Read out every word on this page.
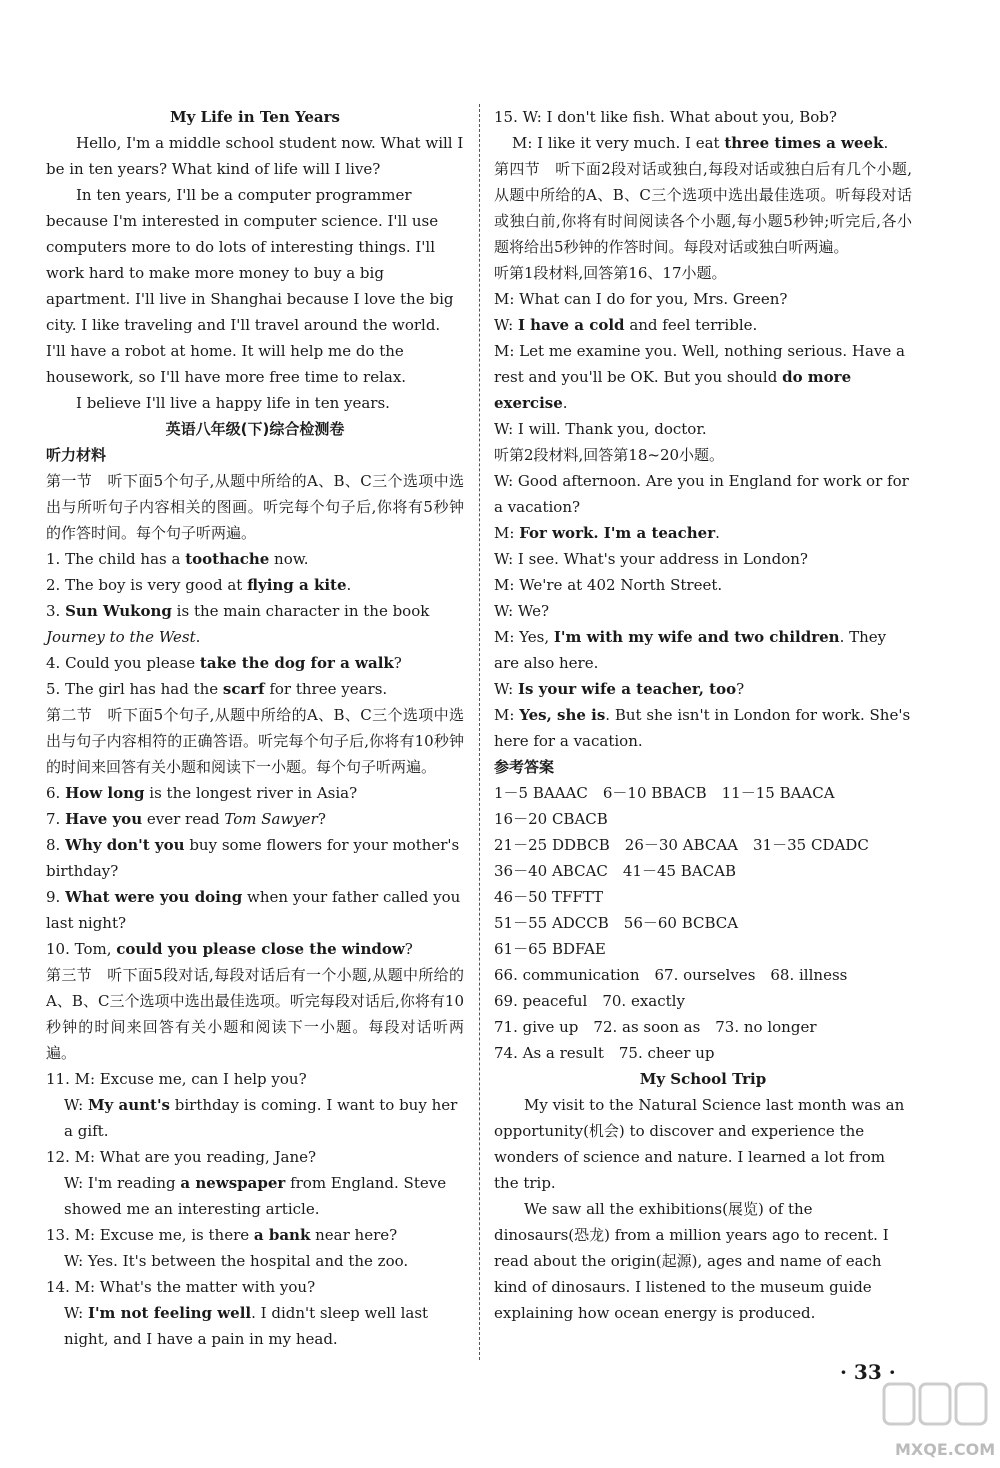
My Life in Ten Years

Hello, I'm a middle school student now. What will I be in ten years? What kind of life will I live?

In ten years, I'll be a computer programmer because I'm interested in computer science. I'll use computers more to do lots of interesting things. I'll work hard to make more money to buy a big apartment. I'll live in Shanghai because I love the big city. I like traveling and I'll travel around the world. I'll have a robot at home. It will help me do the housework, so I'll have more free time to relax.

I believe I'll live a happy life in ten years.

英语八年级(下)综合检测卷

听力材料

第一节　听下面5个句子,从题中所给的A、B、C三个选项中选出与所听句子内容相关的图画。听完每个句子后,你将有5秒钟的作答时间。每个句子听两遍。

1. The child has a toothache now.

2. The boy is very good at flying a kite.

3. Sun Wukong is the main character in the book Journey to the West.

4. Could you please take the dog for a walk?

5. The girl has had the scarf for three years.

第二节　听下面5个句子,从题中所给的A、B、C三个选项中选出与句子内容相符的正确答语。听完每个句子后,你将有10秒钟的时间来回答有关小题和阅读下一小题。每个句子听两遍。

6. How long is the longest river in Asia?

7. Have you ever read Tom Sawyer?

8. Why don't you buy some flowers for your mother's birthday?

9. What were you doing when your father called you last night?

10. Tom, could you please close the window?

第三节　听下面5段对话,每段对话后有一个小题,从题中所给的A、B、C三个选项中选出最佳选项。听完每段对话后,你将有10秒钟的时间来回答有关小题和阅读下一小题。每段对话听两遍。

11. M: Excuse me, can I help you?

W: My aunt's birthday is coming. I want to buy her a gift.

12. M: What are you reading, Jane?

W: I'm reading a newspaper from England. Steve showed me an interesting article.

13. M: Excuse me, is there a bank near here?

W: Yes. It's between the hospital and the zoo.

14. M: What's the matter with you?

W: I'm not feeling well. I didn't sleep well last night, and I have a pain in my head.

15. W: I don't like fish. What about you, Bob?

M: I like it very much. I eat three times a week.

第四节　听下面2段对话或独白,每段对话或独白后有几个小题,从题中所给的A、B、C三个选项中选出最佳选项。听每段对话或独白前,你将有时间阅读各个小题,每小题5秒钟;听完后,各小题将给出5秒钟的作答时间。每段对话或独白听两遍。

听第1段材料,回答第16、17小题。

M: What can I do for you, Mrs. Green?

W: I have a cold and feel terrible.

M: Let me examine you. Well, nothing serious. Have a rest and you'll be OK. But you should do more exercise.

W: I will. Thank you, doctor.

听第2段材料,回答第18~20小题。

W: Good afternoon. Are you in England for work or for a vacation?

M: For work. I'm a teacher.

W: I see. What's your address in London?

M: We're at 402 North Street.

W: We?

M: Yes, I'm with my wife and two children. They are also here.

W: Is your wife a teacher, too?

M: Yes, she is. But she isn't in London for work. She's here for a vacation.

参考答案

1－5 BAAAC　6－10 BBACB　11－15 BAACA

16－20 CBACB

21－25 DDBCB　26－30 ABCAA　31－35 CDADC

36－40 ABCAC　41－45 BACAB

46－50 TFFTT

51－55 ADCCB　56－60 BCBCA

61－65 BDFAE

66. communication　67. ourselves　68. illness

69. peaceful　70. exactly

71. give up　72. as soon as　73. no longer

74. As a result　75. cheer up

My School Trip

My visit to the Natural Science last month was an opportunity(机会) to discover and experience the wonders of science and nature. I learned a lot from the trip.

We saw all the exhibitions(展览) of the dinosaurs(恐龙) from a million years ago to recent. I read about the origin(起源), ages and name of each kind of dinosaurs. I listened to the museum guide explaining how ocean energy is produced.

· 33 ·
MXQE.COM
